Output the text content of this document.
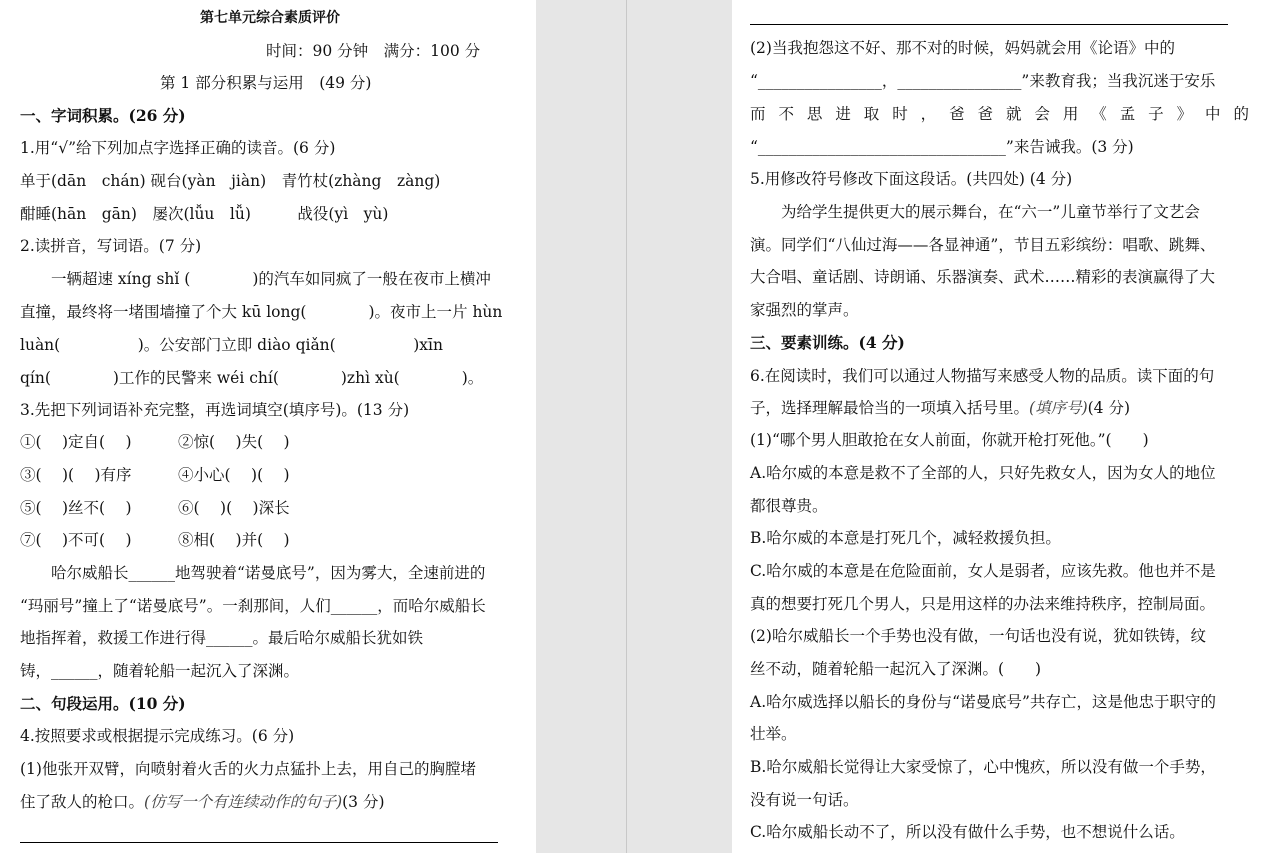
第七单元综合素质评价
时间：90 分钟　满分：100 分
第 1 部分积累与运用　(49 分)
一、字词积累。(26 分)
1.用“√”给下列加点字选择正确的读音。(6 分)
单于(dān　chán) 砚台(yàn　jiàn)　青竹杖(zhàng　zàng)
酣睡(hān　gān)　屡次(lǚu　lǚ)　　　战役(yì　yù)
2.读拼音，写词语。(7 分)
　　一辆超速 xíng shǐ (　　　　)的汽车如同疯了一般在夜市上横冲
直撞，最终将一堵围墙撞了个大 kū long(　　　　)。夜市上一片 hùn
luàn(　　　　　)。公安部门立即 diào qiǎn(　　　　　)xīn
qín(　　　　)工作的民警来 wéi chí(　　　　)zhì xù(　　　　)。
3.先把下列词语补充完整，再选词填空(填序号)。(13 分)
①(　 )定自(　 )　　　②惊(　 )失(　 )
③(　 )(　 )有序　　　④小心(　 )(　 )
⑤(　 )丝不(　 )　　　⑥(　 )(　 )深长
⑦(　 )不可(　 )　　　⑧相(　 )并(　 )
　　哈尔威船长______地驾驶着“诺曼底号”，因为雾大，全速前进的
“玛丽号”撞上了“诺曼底号”。一刹那间，人们______，而哈尔威船长
地指挥着，救援工作进行得______。最后哈尔威船长犹如铁
铸，______，随着轮船一起沉入了深渊。
二、句段运用。(10 分)
4.按照要求或根据提示完成练习。(6 分)
(1)他张开双臂，向喷射着火舌的火力点猛扑上去，用自己的胸膛堵
住了敌人的枪口。(仿写一个有连续动作的句子)(3 分)
(2)当我抱怨这不好、那不对的时候，妈妈就会用《论语》中的
“________________，________________”来教育我；当我沉迷于安乐
而不思进取时，爸爸就会用《孟子》中的
“________________________________”来告诫我。(3 分)
5.用修改符号修改下面这段话。(共四处) (4 分)
　　为给学生提供更大的展示舞台，在“六一”儿童节举行了文艺会
演。同学们“八仙过海——各显神通”，节目五彩缤纷：唱歌、跳舞、
大合唱、童话剧、诗朗诵、乐器演奏、武术……精彩的表演赢得了大
家强烈的掌声。
三、要素训练。(4 分)
6.在阅读时，我们可以通过人物描写来感受人物的品质。读下面的句
子，选择理解最恰当的一项填入括号里。(填序号)(4 分)
(1)“哪个男人胆敢抢在女人前面，你就开枪打死他。”(　　)
A.哈尔威的本意是救不了全部的人，只好先救女人，因为女人的地位
都很尊贵。
B.哈尔威的本意是打死几个，减轻救援负担。
C.哈尔威的本意是在危险面前，女人是弱者，应该先救。他也并不是
真的想要打死几个男人，只是用这样的办法来维持秩序，控制局面。
(2)哈尔威船长一个手势也没有做，一句话也没有说，犹如铁铸，纹
丝不动，随着轮船一起沉入了深渊。(　　)
A.哈尔威选择以船长的身份与“诺曼底号”共存亡，这是他忠于职守的
壮举。
B.哈尔威船长觉得让大家受惊了，心中愧疚，所以没有做一个手势，
没有说一句话。
C.哈尔威船长动不了，所以没有做什么手势，也不想说什么话。
